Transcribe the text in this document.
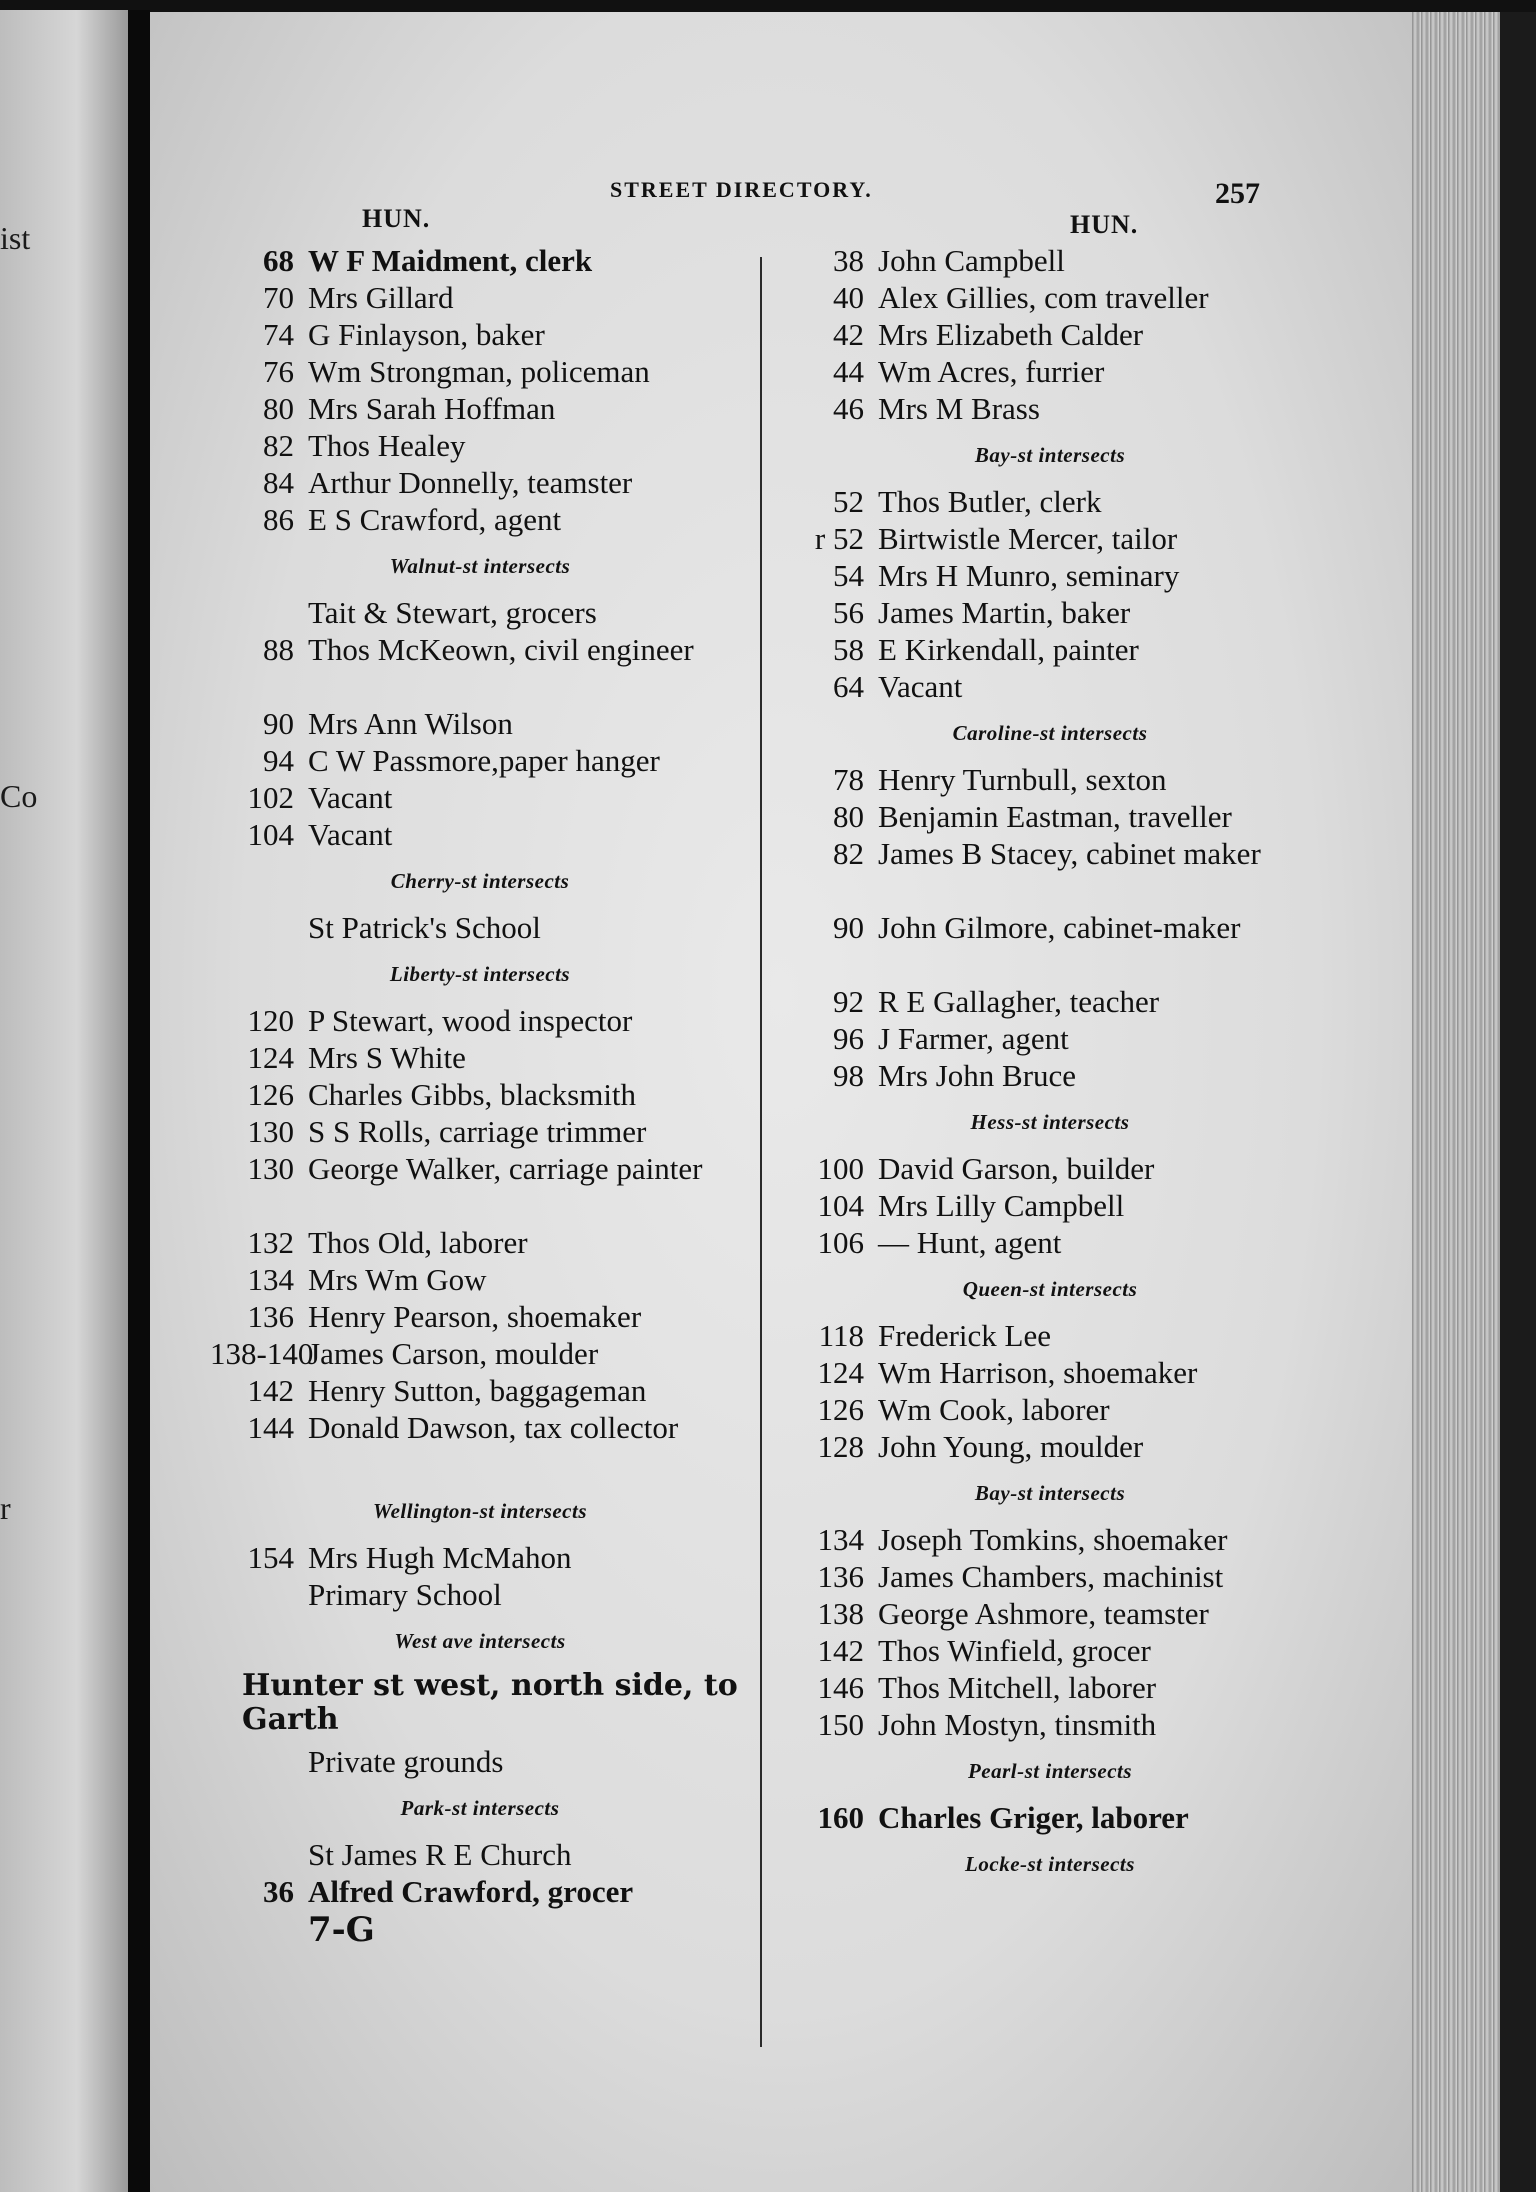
ist
Co
r
STREET DIRECTORY.	257
HUN.	HUN.
68 W F Maidment, clerk
70 Mrs Gillard
74 G Finlayson, baker
76 Wm Strongman, policeman
80 Mrs Sarah Hoffman
82 Thos Healey
84 Arthur Donnelly, teamster
86 E S Crawford, agent
Walnut-st intersects
Tait & Stewart, grocers
88 Thos McKeown, civil engineer
90 Mrs Ann Wilson
94 C W Passmore,paper hanger
102 Vacant
104 Vacant
Cherry-st intersects
St Patrick's School
Liberty-st intersects
120 P Stewart, wood inspector
124 Mrs S White
126 Charles Gibbs, blacksmith
130 S S Rolls, carriage trimmer
130 George Walker, carriage painter
132 Thos Old, laborer
134 Mrs Wm Gow
136 Henry Pearson, shoemaker
138-140
James Carson, moulder
142 Henry Sutton, baggageman
144 Donald Dawson, tax collector
Wellington-st intersects
154 Mrs Hugh McMahon
Primary School
West ave intersects
Hunter st west, north side, to Garth
Private grounds
Park-st intersects
St James R E Church
36 Alfred Crawford, grocer
7-G
38 John Campbell
40 Alex Gillies, com traveller
42 Mrs Elizabeth Calder
44 Wm Acres, furrier
46 Mrs M Brass
Bay-st intersects
52 Thos Butler, clerk
r 52 Birtwistle Mercer, tailor
54 Mrs H Munro, seminary
56 James Martin, baker
58 E Kirkendall, painter
64 Vacant
Caroline-st intersects
78 Henry Turnbull, sexton
80 Benjamin Eastman, traveller
82 James B Stacey, cabinet maker
90 John Gilmore, cabinet-maker
92 R E Gallagher, teacher
96 J Farmer, agent
98 Mrs John Bruce
Hess-st intersects
100 David Garson, builder
104 Mrs Lilly Campbell
106 — Hunt, agent
Queen-st intersects
118 Frederick Lee
124 Wm Harrison, shoemaker
126 Wm Cook, laborer
128 John Young, moulder
Bay-st intersects
134 Joseph Tomkins, shoemaker
136 James Chambers, machinist
138 George Ashmore, teamster
142 Thos Winfield, grocer
146 Thos Mitchell, laborer
150 John Mostyn, tinsmith
Pearl-st intersects
160 Charles Griger, laborer
Locke-st intersects
